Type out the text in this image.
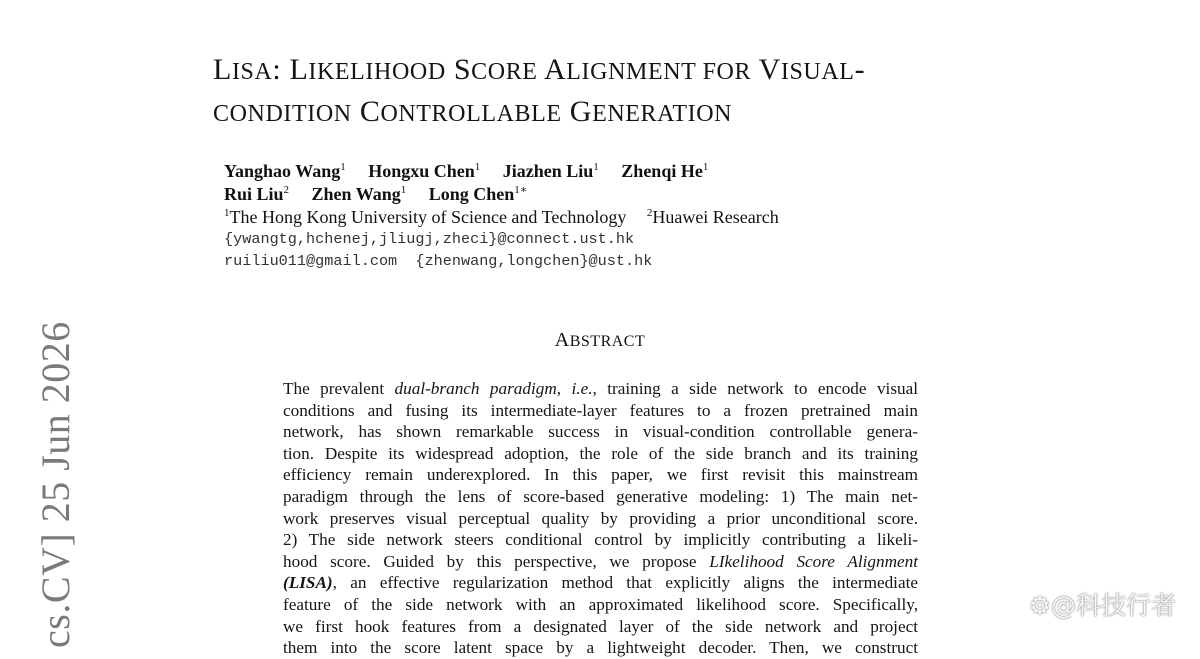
LISA: LIKELIHOOD SCORE ALIGNMENT FOR VISUAL-
CONDITION CONTROLLABLE GENERATION
Yanghao Wang$^1$ Hongxu Chen$^1$ Jiazhen Liu$^1$ Zhenqi He$^1$
Rui Liu$^2$ Zhen Wang$^1$ Long Chen$^{1∗}$
$^1$The Hong Kong University of Science and Technology $^2$Huawei Research
{ywangtg,hchenej,jliugj,zheci}@connect.ust.hk
ruiliu011@gmail.com  {zhenwang,longchen}@ust.hk
ABSTRACT
The prevalent dual-branch paradigm, i.e., training a side network to encode visual
conditions and fusing its intermediate-layer features to a frozen pretrained main
network, has shown remarkable success in visual-condition controllable genera-
tion. Despite its widespread adoption, the role of the side branch and its training
efficiency remain underexplored. In this paper, we first revisit this mainstream
paradigm through the lens of score-based generative modeling: 1) The main net-
work preserves visual perceptual quality by providing a prior unconditional score.
2) The side network steers conditional control by implicitly contributing a likeli-
hood score. Guided by this perspective, we propose LIkelihood Score Alignment
(LISA), an effective regularization method that explicitly aligns the intermediate
feature of the side network with an approximated likelihood score. Specifically,
we first hook features from a designated layer of the side network and project
them into the score latent space by a lightweight decoder. Then, we construct
cs.CV] 25 Jun 2026	⚙@科技行者
